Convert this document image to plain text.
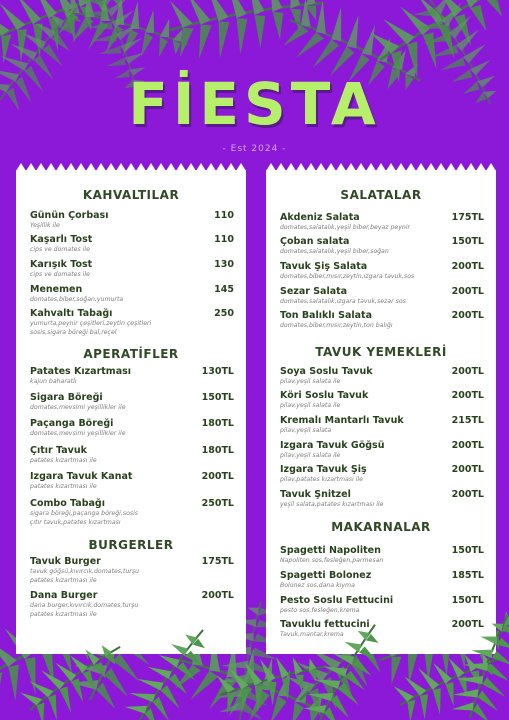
FİESTA
- Est 2024 -
KAHVALTILAR
Günün Çorbası	110
Yeşillik ile
Kaşarlı Tost	110
cips ve domates ile
Karışık Tost	130
cips ve domates ile
Menemen	145
domates,biber,soğan,yumurta
Kahvaltı Tabağı	250
yumurta,peynir çeşitleri,zeytin çeşitleri
sosis,sigara böreği bal,reçel
APERATİFLER
Patates Kızartması	130TL
kajun baharatlı
Sigara Böreği	150TL
domates,mevsimi yeşillikler ile
Paçanga Böreği	180TL
domates,mevsimi yeşillikler ile
Çıtır Tavuk	180TL
patates kızartması ile
Izgara Tavuk Kanat	200TL
patates kızartması ile
Combo Tabağı	250TL
sigara böreği,paçanga böreği,sosis
çıtır tavuk,patates kızartması
BURGERLER
Tavuk Burger	175TL
tavuk göğsü,kıvırcık,domates,turşu
patates kızartması ile
Dana Burger	200TL
dana burger,kıvırcık,domates,turşu
patates kızartması ile
SALATALAR
Akdeniz Salata	175TL
domates,salatalık,yeşil biber,beyaz peynir
Çoban salata	150TL
domates,salatalık,yeşil biber,soğan
Tavuk Şiş Salata	200TL
domates,biber,mısır,zeytin,ızgara tavuk,sos
Sezar Salata	200TL
domates,salatalık,ızgara tavuk,sezar sos
Ton Balıklı Salata	200TL
domates,biber,mısır,zeytin,ton balığı
TAVUK YEMEKLERİ
Soya Soslu Tavuk	200TL
pilav,yeşil salata ile
Köri Soslu Tavuk	200TL
pilav,yeşil salata ile
Kremalı Mantarlı Tavuk	215TL
pilav,yeşil salata
Izgara Tavuk Göğsü	200TL
pilav,yeşil salata ile
Izgara Tavuk Şiş	200TL
pilav,patates kızartması ile
Tavuk Şnitzel	200TL
yeşil salata,patates kızartması ile
MAKARNALAR
Spagetti Napoliten	150TL
Napoliten sos,fesleğen,parmesan
Spagetti Bolonez	185TL
Bolonez sos,dana kıyma
Pesto Soslu Fettucini	150TL
pesto sos,fesleğen,krema
Tavuklu fettucini	200TL
Tavuk,mantar,krema
